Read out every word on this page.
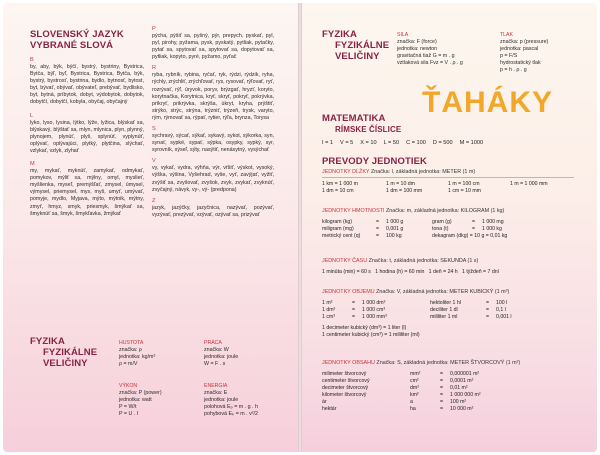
SLOVENSKÝ JAZYK
VYBRANÉ SLOVÁ
B
by, aby, býk, býčí, bystrý, bystriny, Bystrica, Bytča, býľ, byľ, Bystrica, Bystrica, Bytča, býk, bystrý, bystrosť, bystrina, bydlo, bytnosť, bytost, byt, bývať, obývať, obývateľ, prebývať, bydlisko, byt, bytná, príbytok, dobyt, výdobytok, dobytok, dobytčí, dobytčí, kobyla, obyčaj, obyčajný
L
lyko, lyso, lysina, lýtko, lýže, lyžica, blýskať sa, blýskavý, blýštať sa, mlyn, mlynica, plyn, plynný, plynojem, plynúť, plyš, splynúť, vyplynúť, oplývať, oplývajúci, plytký, plytčina, slýchať, vzlykať, vzlyk, zlyhať
M
my, mykať, myknúť, zamykať, odmykať, pomykov, mýliť sa, mýlny, omyl, myslieť, myšlienka, myseľ, premýšľať, zmysel, úmysel, výmysel, priemysel, mys, myš, umyť, umývať, pomyje, mydlo, Myjava, mýto, mýtnik, mýtny, zmyť, hmyz, smyk, priesmyk, šmýkať sa, šmyknúť sa, šmyk, šmykľavka, žmýkať
P
pýcha, pýšiť sa, pyšný, pýr, prepych, pyskať, pyl, pyl, pirohy, pyžama, pysk, pyskatý, pytliak, pytačky, pytať sa, spytovať sa, spytovať sa, dopytovať sa, pytliak, kopyto, pyré, pyžamo, pyťač
R
ryba, rybník, rybina, ryčať, ryk, rýdzi, rýdzik, ryha, rýchly, zrýchliť, zrýchľovať, rys, rysovať, rýľovať, ryť, rozrývať, rýľ, úryvok, poryv, brýzgať, hryzť, koryto, korytnačka, Korytnica, kryť, skryť, pokryť, pokrývka, príkryť, prikrývka, skrýša, úkryt, kryha, prýštiť, strýko, strýc, strýna, trýzniť, trýzeň, trysk, varyto, rým, rýmovať sa, rýpať, rytier, rýľa, brynza, Torysa
S
sychravý, sýcať, sýkať, sykavý, sykot, sýkorka, syn, synať, sypké, sypať, sýpka, osypky, sypký, syr, syrovník, sýseľ, sýty, nasýtiť, nenásytný, vysýchať
V
vy, vykať, vydra, výhňa, výr, vŕšiť, výskot, vysoký, výška, výšina, Vyšehrad, vyše, vyť, zavýjať, vyžiť, zvýšiť sa, zvyšovať, zvyšok, zvyk, zvykať, zvyknúť, zvyčajný, návyk, vy-, vý- (predpona)
Z
jazyk, jazýčky, jazyčnica, nazývať, pozývať, vyzývať, prezývať, vzývať, ozývať sa, prizývať
FYZIKA
FYZIKÁLNE
VELIČINY
HUSTOTA
značka: ρ
jednotka: kg/m³
ρ = m/V
PRÁCA
značka: W
jednotka: joule
W = F . s
VÝKON
značka: P (power)
jednotka: watt
P = W/t
P = U . I
ENERGIA
značka: E
jednotka: joule
polohová Eₚ = m . g . h
pohybová Eₖ = m . v²/2
FYZIKA
FYZIKÁLNE
VELIČINY
SILA
značka: F (force)
jednotka: newton
gravitačná tiaž G = m . g
vztlaková sila Fvz = V . ρ . g
TLAK
značka: p (pressure)
jednotka: pascal
p = F/S
hydrostatický tlak
p = h . ρ . g
ŤAHÁKY
MATEMATIKA
RÍMSKE ČÍSLICE
I = 1 V = 5 X = 10 L = 50 C = 100 D = 500 M = 1000
PREVODY JEDNOTIEK
JEDNOTKY DĹŽKY Značka: l, základná jednotka: METER (1 m)
1 km = 1 000 m	1 m = 10 dm	1 m = 100 cm	1 m = 1 000 mm
1 dm = 10 cm	1 dm = 100 mm	1 cm = 10 mm
JEDNOTKY HMOTNOSTI Značka: m, základná jednotka: KILOGRAM (1 kg)
kilogram (kg)	=	1 000 g	gram (g)	=	1 000 mg
miligram (mg)	=	0,001 g	tona (t)	=	1 000 kg
metrický cent (q)	=	100 kg	dekagram (dkg) = 10 g = 0,01 kg
JEDNOTKY ČASU Značka: t, základná jednotka: SEKUNDA (1 s)
1 minúta (min) = 60 s   1 hodina (h) = 60 min   1 deň = 24 h   1 týždeň = 7 dní
JEDNOTKY OBJEMU Značka: V, základná jednotka: METER KUBICKÝ (1 m³)
1 m³	=	1 000 dm³	hektoliter 1 hl	=	100 l
1 dm³	=	1 000 cm³	deciliter 1 dl	=	0,1 l
1 cm³	=	1 000 mm³	mililiter 1 ml	=	0,001 l
1 decimeter kubický (dm³) = 1 liter (l)
1 centimeter kubický (cm³) = 1 mililiter (ml)
JEDNOTKY OBSAHU Značka: S, základná jednotka: METER ŠTVORCOVÝ (1 m²)
milimeter štvorcový	mm²	=	0,000001 m²
centimeter štvorcový	cm²	=	0,0001 m²
decimeter štvorcový	dm²	=	0,01 m²
kilometer štvorcový	km²	=	1 000 000 m²
ár	a	=	100 m²
hektár	ha	=	10 000 m²
